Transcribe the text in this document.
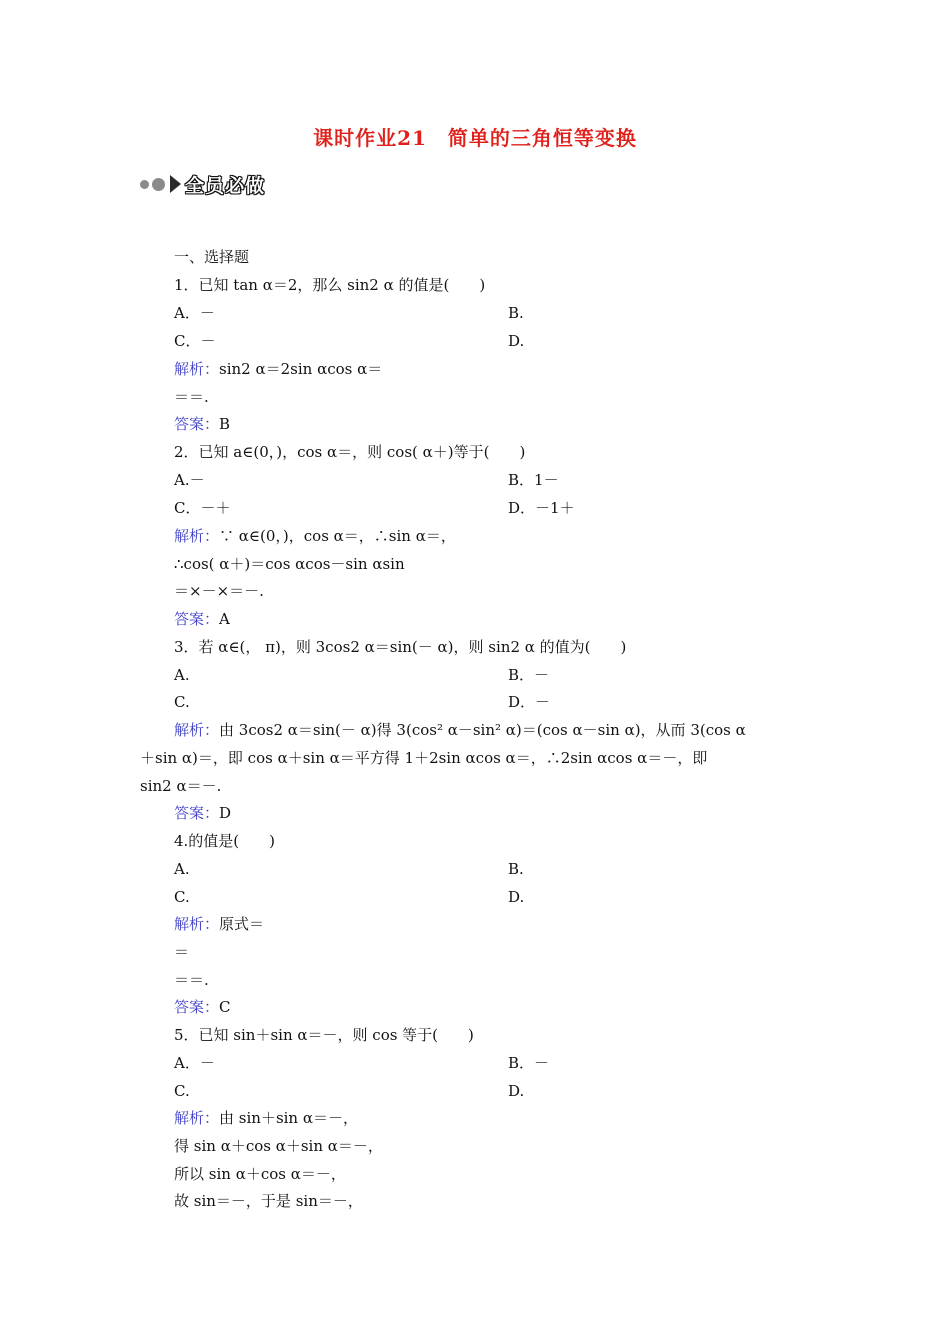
课时作业21　简单的三角恒等变换
全员必做
一、选择题
1．已知 tan α＝2，那么 sin2 α 的值是(　　)
A．－	B.
C．－	D.
解析：sin2 α＝2sin αcos α＝
＝＝.
答案：B
2．已知 a∈(0，)，cos α＝，则 cos( α＋)等于(　　)
A.－	B．1－
C．－＋	D．－1＋
解析：∵ α∈(0，)，cos α＝，∴sin α＝，
∴cos( α＋)＝cos αcos－sin αsin
＝×－×＝－.
答案：A
3．若 α∈(， π)，则 3cos2 α＝sin(－ α)，则 sin2 α 的值为(　　)
A.	B．－
C.	D．－
解析：由 3cos2 α＝sin(－ α)得 3(cos² α－sin² α)＝(cos α－sin α)，从而 3(cos α
＋sin α)＝，即 cos α＋sin α＝平方得 1＋2sin αcos α＝，∴2sin αcos α＝－，即
sin2 α＝－.
答案：D
4.的值是(　　)
A.	B.
C.	D.
解析：原式＝
＝
＝＝.
答案：C
5．已知 sin＋sin α＝－，则 cos 等于(　　)
A．－	B．－
C.	D.
解析：由 sin＋sin α＝－，
得 sin α＋cos α＋sin α＝－，
所以 sin α＋cos α＝－，
故 sin＝－，于是 sin＝－，
